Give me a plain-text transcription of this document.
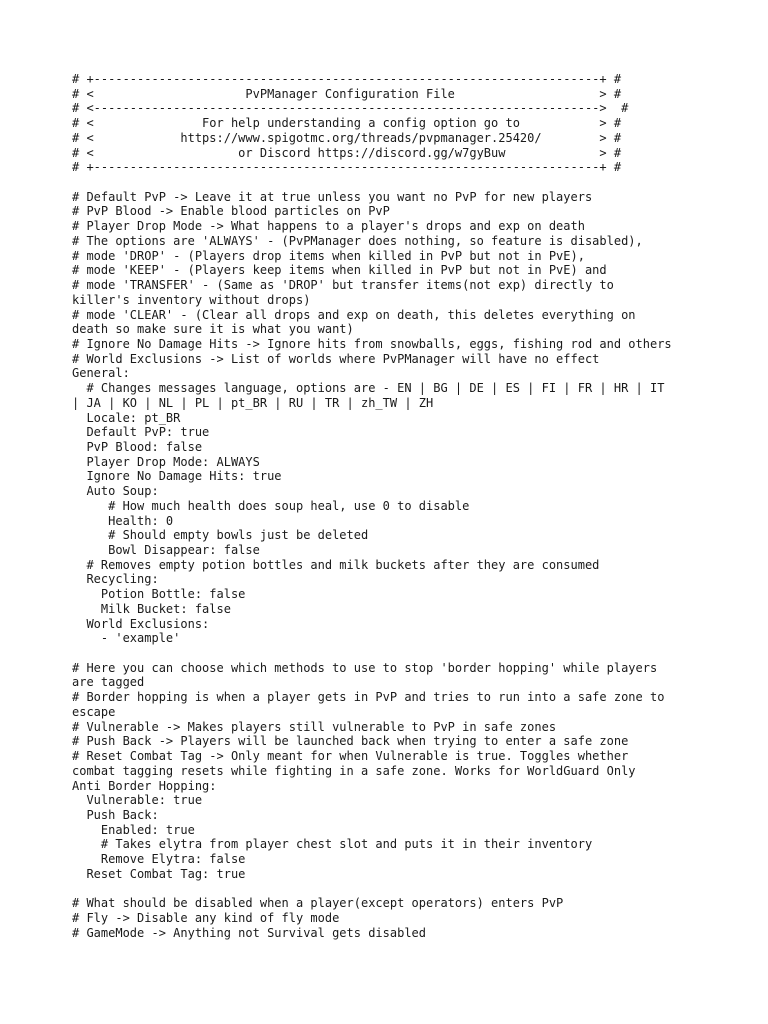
# +----------------------------------------------------------------------+ #
# <                     PvPManager Configuration File                    > #
# <---------------------------------------------------------------------->  #
# <               For help understanding a config option go to           > #
# <            https://www.spigotmc.org/threads/pvpmanager.25420/        > #
# <                    or Discord https://discord.gg/w7gyBuw             > #
# +----------------------------------------------------------------------+ #
# Default PvP -> Leave it at true unless you want no PvP for new players
# PvP Blood -> Enable blood particles on PvP
# Player Drop Mode -> What happens to a player's drops and exp on death
# The options are 'ALWAYS' - (PvPManager does nothing, so feature is disabled),
# mode 'DROP' - (Players drop items when killed in PvP but not in PvE),
# mode 'KEEP' - (Players keep items when killed in PvP but not in PvE) and
# mode 'TRANSFER' - (Same as 'DROP' but transfer items(not exp) directly to
killer's inventory without drops)
# mode 'CLEAR' - (Clear all drops and exp on death, this deletes everything on
death so make sure it is what you want)
# Ignore No Damage Hits -> Ignore hits from snowballs, eggs, fishing rod and others
# World Exclusions -> List of worlds where PvPManager will have no effect
General:
# Changes messages language, options are - EN | BG | DE | ES | FI | FR | HR | IT
| JA | KO | NL | PL | pt_BR | RU | TR | zh_TW | ZH
Locale: pt_BR
Default PvP: true
PvP Blood: false
Player Drop Mode: ALWAYS
Ignore No Damage Hits: true
Auto Soup:
# How much health does soup heal, use 0 to disable
Health: 0
# Should empty bowls just be deleted
Bowl Disappear: false
# Removes empty potion bottles and milk buckets after they are consumed
Recycling:
Potion Bottle: false
Milk Bucket: false
World Exclusions:
- 'example'
# Here you can choose which methods to use to stop 'border hopping' while players
are tagged
# Border hopping is when a player gets in PvP and tries to run into a safe zone to
escape
# Vulnerable -> Makes players still vulnerable to PvP in safe zones
# Push Back -> Players will be launched back when trying to enter a safe zone
# Reset Combat Tag -> Only meant for when Vulnerable is true. Toggles whether
combat tagging resets while fighting in a safe zone. Works for WorldGuard Only
Anti Border Hopping:
Vulnerable: true
Push Back:
Enabled: true
# Takes elytra from player chest slot and puts it in their inventory
Remove Elytra: false
Reset Combat Tag: true
# What should be disabled when a player(except operators) enters PvP
# Fly -> Disable any kind of fly mode
# GameMode -> Anything not Survival gets disabled
